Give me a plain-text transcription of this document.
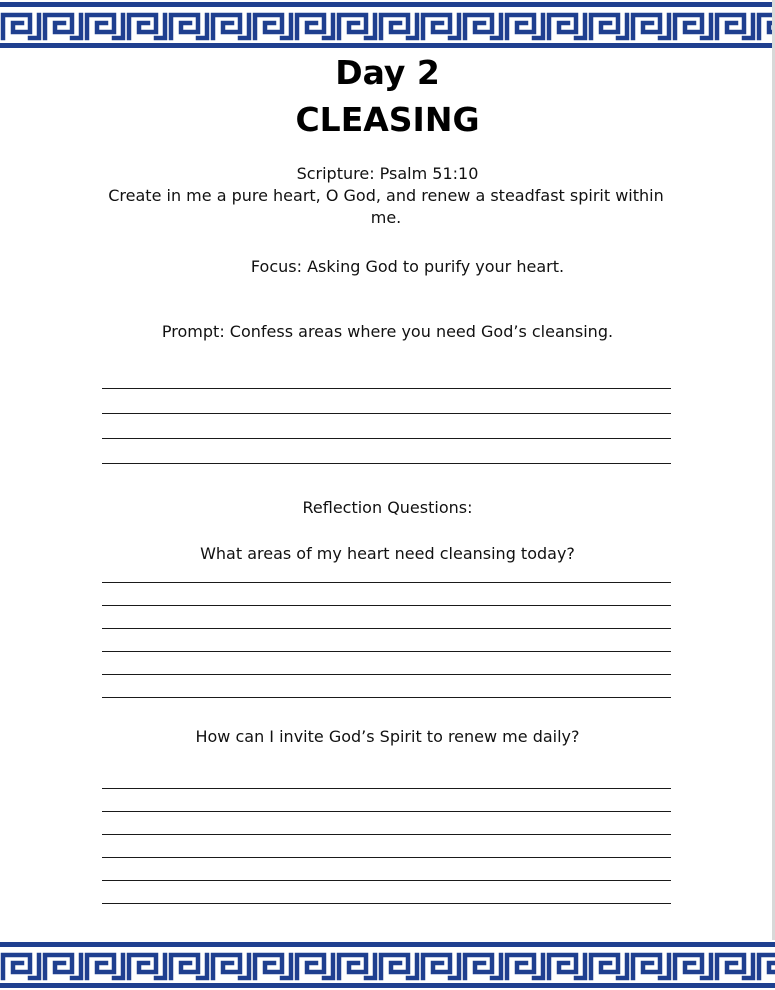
Day 2
CLEASING
Scripture: Psalm 51:10
Create in me a pure heart, O God, and renew a steadfast spirit within me.
Focus: Asking God to purify your heart.
Prompt: Confess areas where you need God’s cleansing.
Reflection Questions:
What areas of my heart need cleansing today?
How can I invite God’s Spirit to renew me daily?
